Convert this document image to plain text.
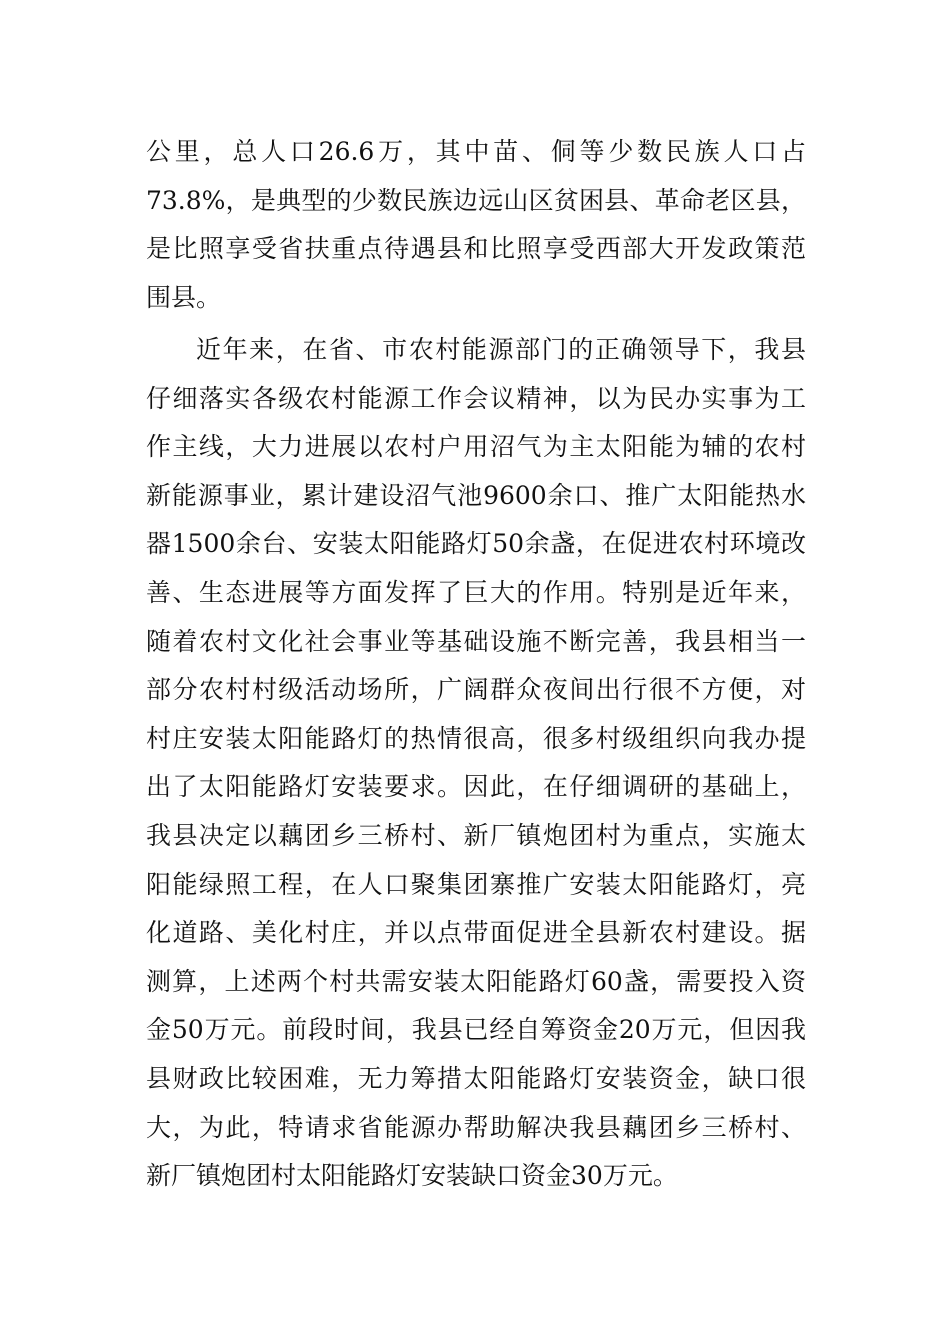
公里，总人口26.6万，其中苗、侗等少数民族人口占
73.8%，是典型的少数民族边远山区贫困县、革命老区县，
是比照享受省扶重点待遇县和比照享受西部大开发政策范
围县。
近年来，在省、市农村能源部门的正确领导下，我县
仔细落实各级农村能源工作会议精神，以为民办实事为工
作主线，大力进展以农村户用沼气为主太阳能为辅的农村
新能源事业，累计建设沼气池9600余口、推广太阳能热水
器1500余台、安装太阳能路灯50余盏，在促进农村环境改
善、生态进展等方面发挥了巨大的作用。特别是近年来，
随着农村文化社会事业等基础设施不断完善，我县相当一
部分农村村级活动场所，广阔群众夜间出行很不方便，对
村庄安装太阳能路灯的热情很高，很多村级组织向我办提
出了太阳能路灯安装要求。因此，在仔细调研的基础上，
我县决定以藕团乡三桥村、新厂镇炮团村为重点，实施太
阳能绿照工程，在人口聚集团寨推广安装太阳能路灯，亮
化道路、美化村庄，并以点带面促进全县新农村建设。据
测算，上述两个村共需安装太阳能路灯60盏，需要投入资
金50万元。前段时间，我县已经自筹资金20万元，但因我
县财政比较困难，无力筹措太阳能路灯安装资金，缺口很
大，为此，特请求省能源办帮助解决我县藕团乡三桥村、
新厂镇炮团村太阳能路灯安装缺口资金30万元。
